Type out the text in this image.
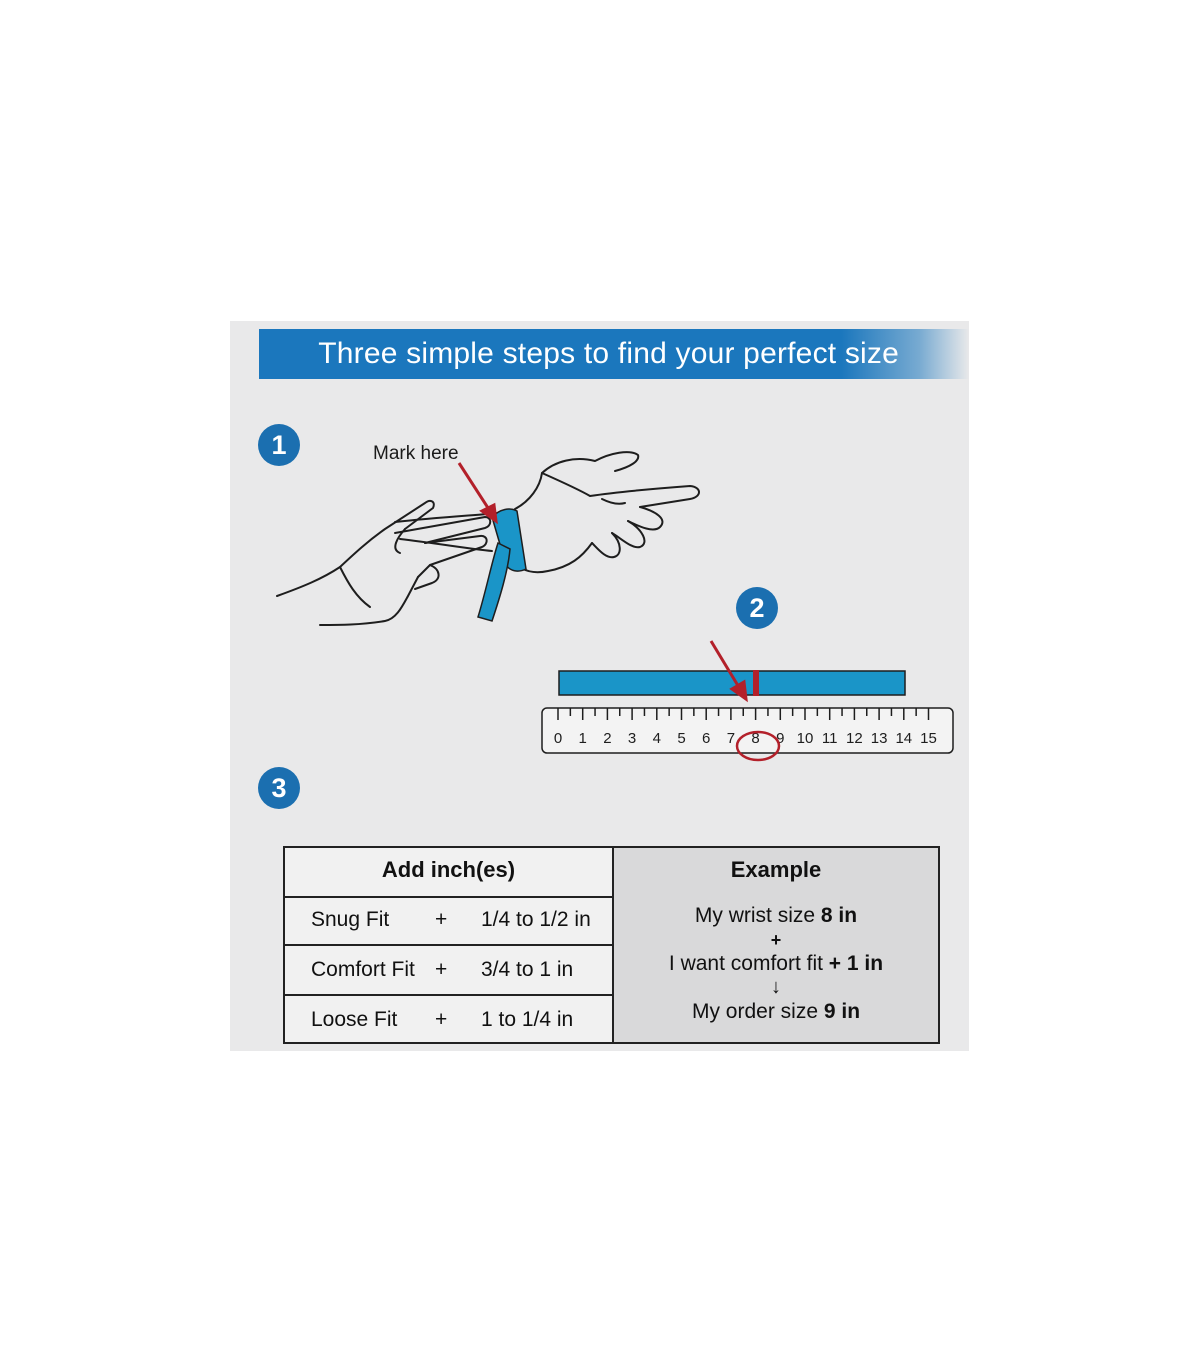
Three simple steps to find your perfect size
0 1 2 3 4 5 6 7 8 9 10 11 12 13 14 15
1	Mark here
2
3
Add inch(es)
Snug Fit + 1/4 to 1/2 in
Comfort Fit + 3/4 to 1 in
Loose Fit + 1 to 1/4 in
Example
My wrist size 8 in
+
I want comfort fit + 1 in
↓
My order size 9 in
